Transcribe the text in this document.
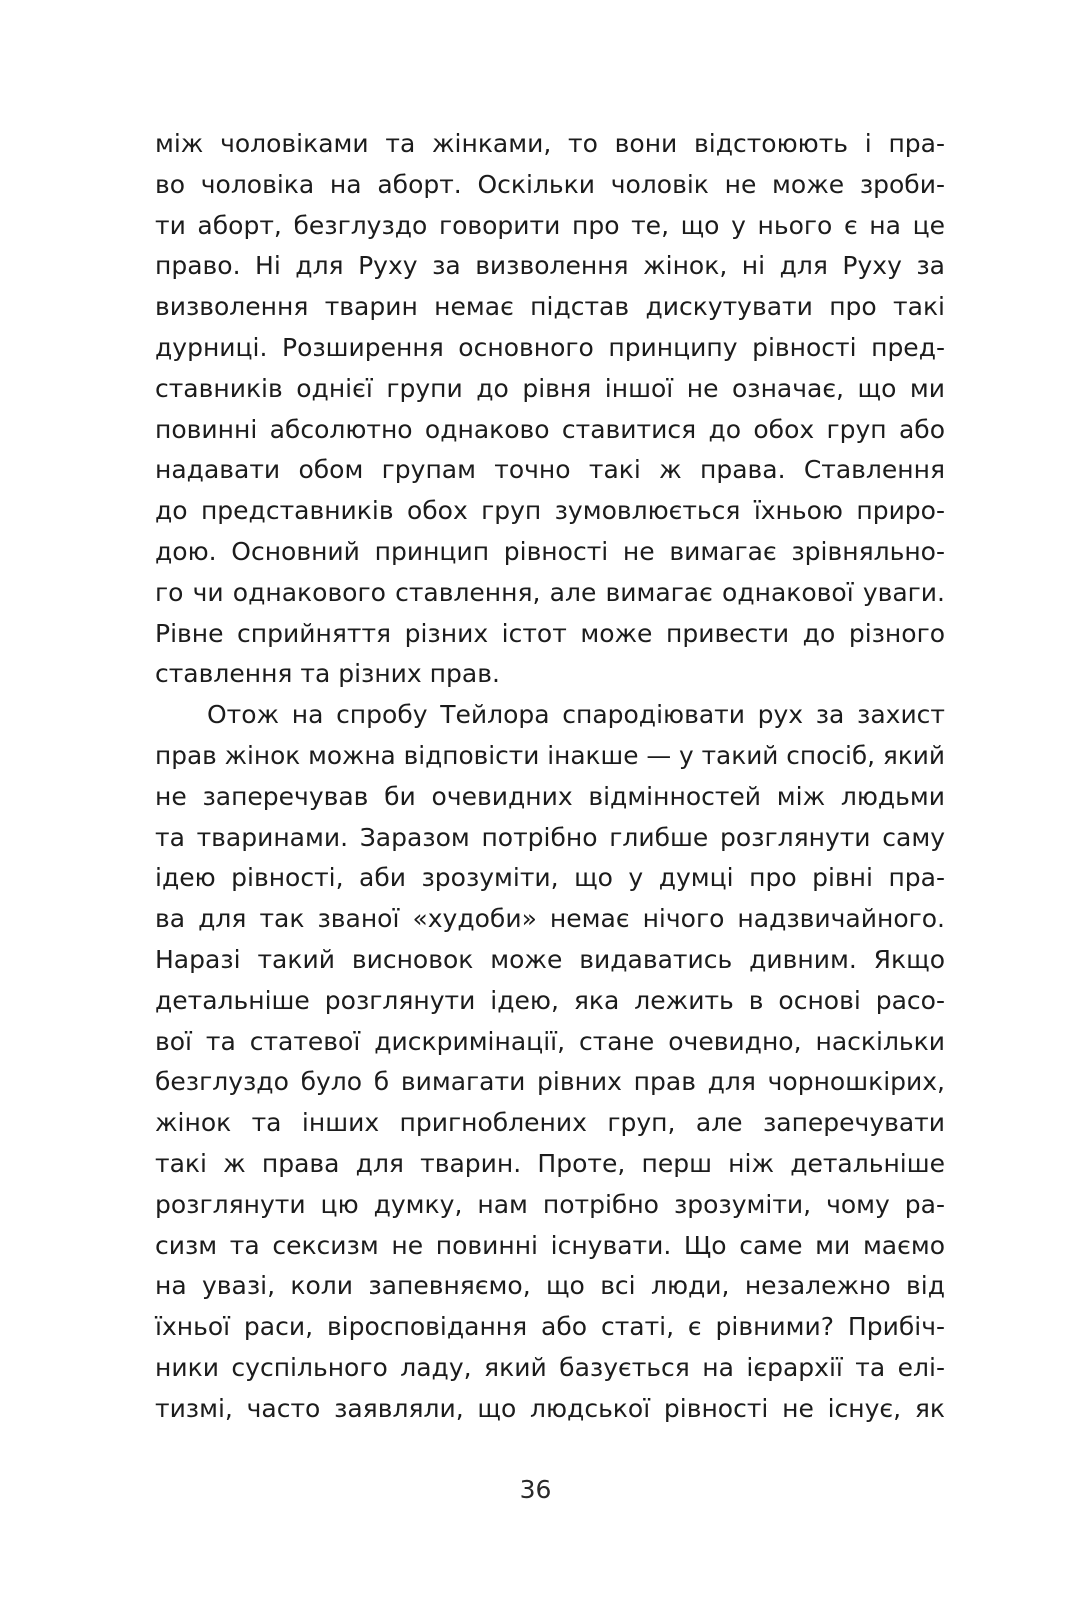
між чоловіками та жінками, то вони відстоюють і пра-
во чоловіка на аборт. Оскільки чоловік не може зроби-
ти аборт, безглуздо говорити про те, що у нього є на це
право. Ні для Руху за визволення жінок, ні для Руху за
визволення тварин немає підстав дискутувати про такі
дурниці. Розширення основного принципу рівності пред-
ставників однієї групи до рівня іншої не означає, що ми
повинні абсолютно однаково ставитися до обох груп або
надавати обом групам точно такі ж права. Ставлення
до представників обох груп зумовлюється їхньою приро-
дою. Основний принцип рівності не вимагає зрівняльно-
го чи однакового ставлення, але вимагає однакової уваги.
Рівне сприйняття різних істот може привести до різного
ставлення та різних прав.
Отож на спробу Тейлора спародіювати рух за захист
прав жінок можна відповісти інакше — у такий спосіб, який
не заперечував би очевидних відмінностей між людьми
та тваринами. Заразом потрібно глибше розглянути саму
ідею рівності, аби зрозуміти, що у думці про рівні пра-
ва для так званої «худоби» немає нічого надзвичайного.
Наразі такий висновок може видаватись дивним. Якщо
детальніше розглянути ідею, яка лежить в основі расо-
вої та статевої дискримінації, стане очевидно, наскільки
безглуздо було б вимагати рівних прав для чорношкірих,
жінок та інших пригноблених груп, але заперечувати
такі ж права для тварин. Проте, перш ніж детальніше
розглянути цю думку, нам потрібно зрозуміти, чому ра-
сизм та сексизм не повинні існувати. Що саме ми маємо
на увазі, коли запевняємо, що всі люди, незалежно від
їхньої раси, віросповідання або статі, є рівними? Прибіч-
ники суспільного ладу, який базується на ієрархії та елі-
тизмі, часто заявляли, що людської рівності не існує, як
36
